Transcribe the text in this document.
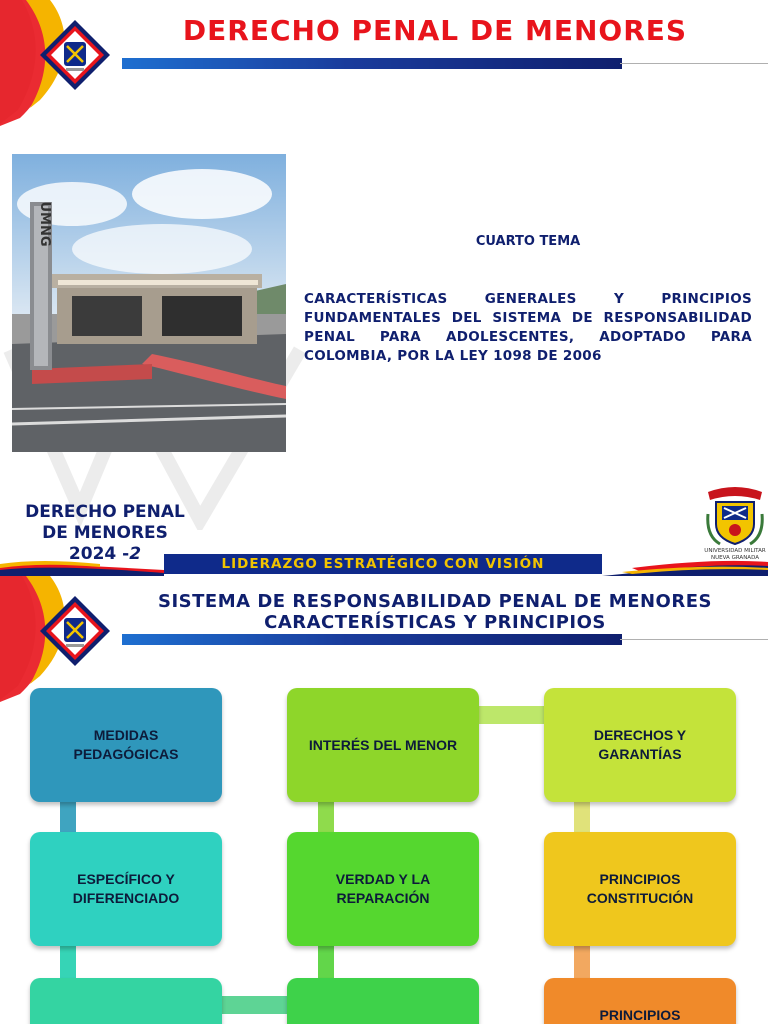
DERECHO PENAL DE MENORES
UMNG	CUARTO TEMA
CARACTERÍSTICAS GENERALES Y PRINCIPIOS FUNDAMENTALES DEL SISTEMA DE RESPONSABILIDAD PENAL PARA ADOLESCENTES, ADOPTADO PARA COLOMBIA, POR LA LEY 1098 DE 2006
DERECHO PENAL
DE MENORES
2024 -2	UNIVERSIDAD MILITAR
NUEVA GRANADA
LIDERAZGO ESTRATÉGICO CON VISIÓN
SISTEMA DE RESPONSABILIDAD PENAL DE MENORES
CARACTERÍSTICAS Y PRINCIPIOS
MEDIDAS PEDAGÓGICAS
INTERÉS DEL MENOR
DERECHOS Y GARANTÍAS
ESPECÍFICO Y DIFERENCIADO
VERDAD Y LA REPARACIÓN
PRINCIPIOS CONSTITUCIÓN
PRINCIPIOS
